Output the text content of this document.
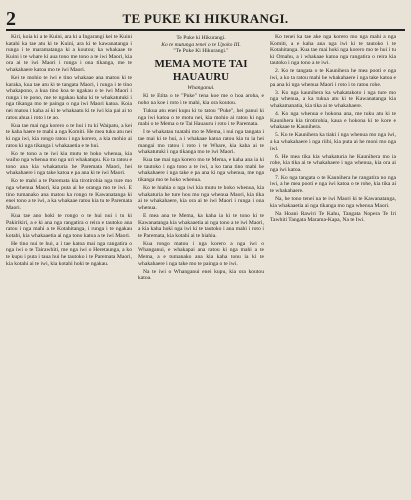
2	TE PUKE KI HIKURANGI.

Kiri, koia ki a te Kuini, ara ki a Ingarangi kei te Kuini katahi ka tae atu ki te Kuini, ara ki te kawanatanga i runga i te maramatanga ki a koutou; ka whakaae te Kuini i te whare ki aua tono me tono a te iwi Maori, kia ora ai te iwi Maori i runga i ona tikanga, me te whakahaere katoa mo te iwi Maori.

Kei te mohio te iwi e tino whakaae ana matou ki te karaka, kua tae atu ki te tangata Maori, i runga i te tino whakapono, a kua tino koa te ngakau o te iwi Maori i runga i te pono, me te ngakau kaha ki te whakatutuki i nga tikanga mo te painga o nga iwi Maori katoa. Koia nei matou i kaha ai ki te whakaatu ki te iwi kia pai ai to ratou ahua i roto i te ao.

Kua tae mai nga korero o te hui i tu ki Waipatu, a kei te kaha haere te mahi a nga Komiti. He mea tuku atu nei ki nga iwi, kia rongo ratou i nga korero, a kia mohio ai ratou ki nga tikanga i whakaaetia e te hui.

Ko te tono a te iwi kia mutu te hoko whenua, kia waiho nga whenua mo nga uri whakatupu. Ko ta ratou e tono ana kia whakaturia he Paremata Maori, hei whakahaere i nga take katoa e pa ana ki te iwi Maori.

Ko te mahi a te Paremata kia tirotirohia nga ture mo nga whenua Maori, kia puta ai he oranga mo te iwi. E tino tumanako ana matou ka rongo te Kawanatanga ki enei tono a te iwi, a ka whakaae ratou kia tu te Paremata Maori.

Kua tae ano hoki te rongo o te hui nui i tu ki Pakirikiri, a e ki ana nga rangatira o reira e tautoko ana ratou i nga mahi a te Kotahitanga, i runga i te ngakau kotahi, kia whakaaetia ai nga tono katoa a te iwi Maori.

He tino nui te hui, a i tae katoa mai nga rangatira o nga iwi o te Tairawhiti, me nga iwi o Heretaunga, a ko te kupu i puta i taua hui he tautoko i te Paremata Maori, kia kotahi ai te iwi, kia kotahi hoki te ngakau.

Te Puke ki Hikurangi.
Ko te mutunga tenei o te Upoko III.
"Te Puke Ki Hikurangi."
MEMA MOTE TAI HAUAURU
Whanganui.

Ki te Etita o te "Puke" tena koe me o hoa aroha, e noho na koe i roto i te mahi, kia ora koutou.

Tukua atu enei kupu ki to tatou "Puke", hei panui ki nga iwi katoa o te motu nei, kia mohio ai ratou ki nga mahi o te Mema o te Tai Hauauru i roto i te Paremata.

I te whakatau tuatahi mo te Mema, i nui nga tangata i tae mai ki te hui, a i whakaae katoa ratou kia tu ia hei mangai mo ratou i roto i te Whare, kia kaha ai te whakatutuki i nga tikanga mo te iwi Maori.

Kua tae mai nga korero mo te Mema, e kaha ana ia ki te tautoko i nga tono a te iwi, a ko tana tino mahi he whakahaere i nga take e pa ana ki nga whenua, me nga tikanga mo te hoko whenua.

Ko te hiahia o nga iwi kia mutu te hoko whenua, kia whakaturia he ture hou mo nga whenua Maori, kia tika ai te whakahaere, kia ora ai te iwi Maori i runga i ona whenua.

E mea ana te Mema, ka kaha ia ki te tono ki te Kawanatanga kia whakaaetia ai nga tono a te iwi Maori, a kia kaha hoki nga iwi ki te tautoko i ana mahi i roto i te Paremata, kia kotahi ai te hiahia.

Kua rongo matou i nga korero a nga iwi o Whanganui, e whakapai ana ratou ki nga mahi a te Mema, a e tumanako ana kia kaha tonu ia ki te whakahaere i nga take mo te painga o te iwi.

Na te iwi o Whanganui enei kupu, kia ora koutou katoa.

Ko tenei ka tae ake nga korero mo nga mahi a nga Komiti, a e kaha ana nga iwi ki te tautoko i te Kotahitanga. Kua tae mai hoki nga korero mo te hui i tu ki Omahu, a i whakaae katoa nga rangatira o reira kia tautoko i nga tono a te iwi.

2. Ko te tangata o te Kaunihera he mea pooti e nga iwi, a ko ta ratou mahi he whakahaere i nga take katoa e pa ana ki nga whenua Maori i roto i to ratou rohe.

3. Ko nga kaunihera ka whakatakoto i nga ture mo nga whenua, a ka tukua atu ki te Kawanatanga kia whakamanatia, kia tika ai te whakahaere.

4. Ko nga whenua e hokona ana, me tuku atu ki te Kaunihera kia tirotirohia, kaua e hokona ki te kore e whakaae te Kaunihera.

5. Ko te Kaunihera ka tiaki i nga whenua mo nga iwi, a ka whakahaere i nga riihi, kia puta ai he moni mo nga iwi.

6. He mea tika kia whakaturia he Kaunihera mo ia rohe, kia tika ai te whakahaere i nga whenua, kia ora ai nga iwi katoa.

7. Ko nga tangata o te Kaunihera he rangatira no nga iwi, a he mea pooti e nga iwi katoa o te rohe, kia tika ai te whakahaere.

Na, he tono tenei na te iwi Maori ki te Kawanatanga, kia whakaaetia ai nga tikanga mo nga whenua Maori.

Na Hoani Rawiri Te Kahu, Tangata Nopera Te Iri Tawhiti Tangata Marama-Kapa, Na te Iwi.
